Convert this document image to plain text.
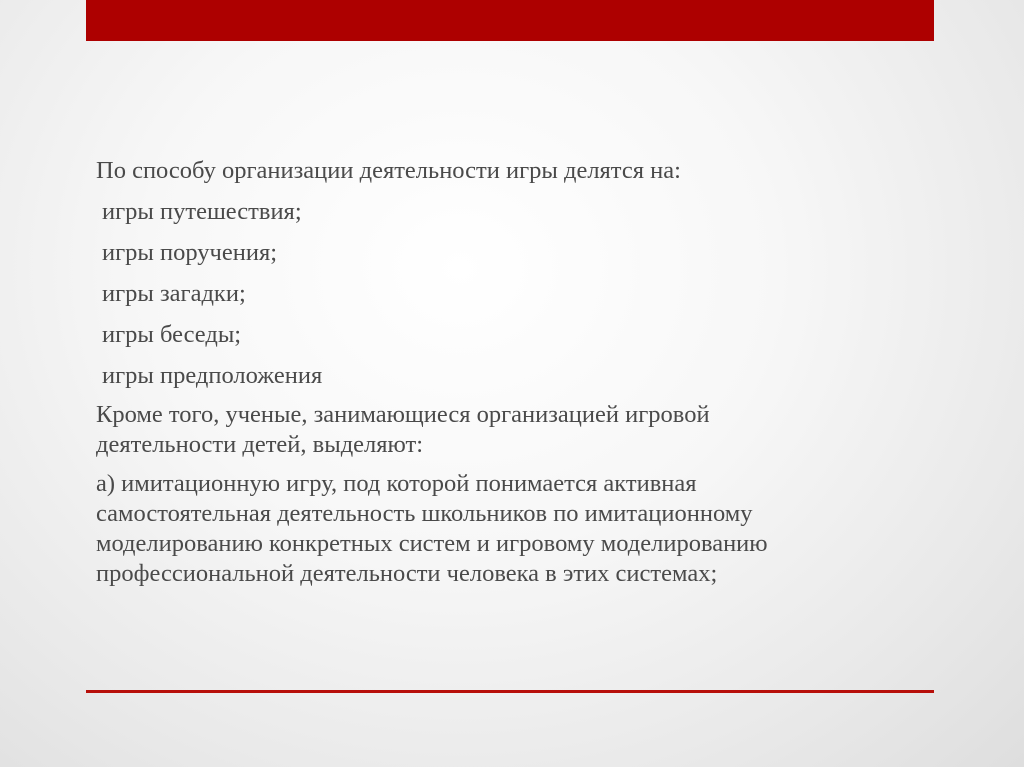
По способу организации деятельности игры делятся на:
игры путешествия;
игры поручения;
игры загадки;
игры беседы;
игры предположения
Кроме того, ученые, занимающиеся организацией игровой
деятельности детей, выделяют:
а) имитационную игру, под которой понимается активная
самостоятельная деятельность школьников по имитационному
моделированию конкретных систем и игровому моделированию
профессиональной деятельности человека в этих системах;
